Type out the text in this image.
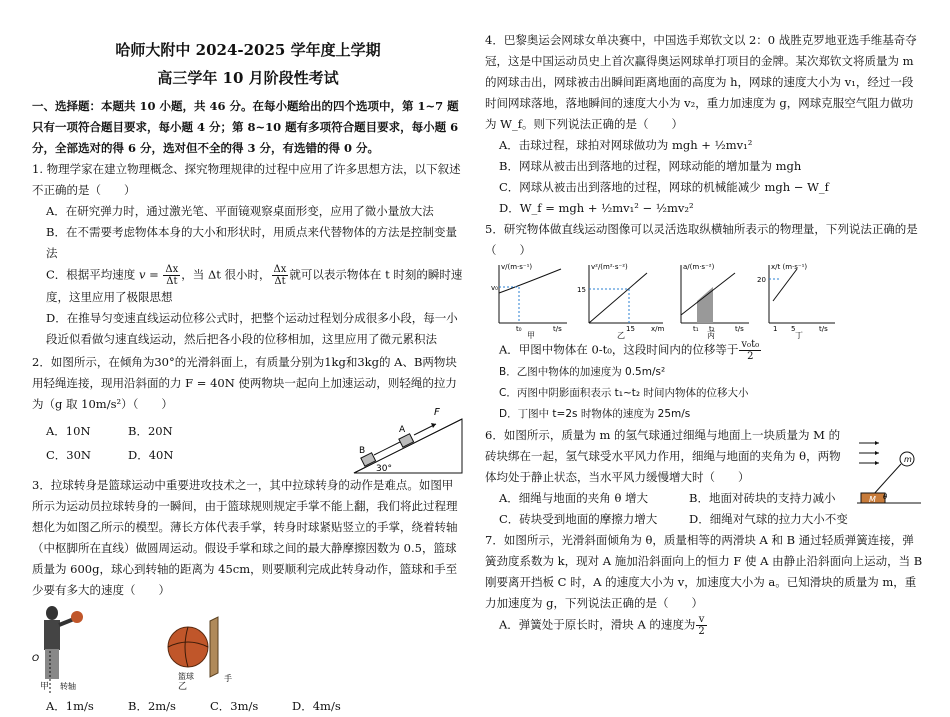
哈师大附中 2024-2025 学年度上学期

高三学年 10 月阶段性考试

一、选择题：本题共 10 小题，共 46 分。在每小题给出的四个选项中，第 1~7 题只有一项符合题目要求，每小题 4 分；第 8~10 题有多项符合题目要求，每小题 6 分，全部选对的得 6 分，选对但不全的得 3 分，有选错的得 0 分。

1. 物理学家在建立物理概念、探究物理规律的过程中应用了许多思想方法，以下叙述不正确的是（　　）

A．在研究弹力时，通过激光笔、平面镜观察桌面形变，应用了微小量放大法

B．在不需要考虑物体本身的大小和形状时，用质点来代替物体的方法是控制变量法

C．根据平均速度 $v = \frac{\Delta x}{\Delta t}$ ，当 Δt 很小时， $\frac{\Delta x}{\Delta t}$ 就可以表示物体在 t 时刻的瞬时速度，这里应用了极限思想

D．在推导匀变速直线运动位移公式时，把整个运动过程划分成很多小段，每一小段近似看做匀速直线运动，然后把各小段的位移相加，这里应用了微元累积法

2．如图所示，在倾角为30°的光滑斜面上，有质量分别为1kg和3kg的 A、B两物块用轻绳连接，现用沿斜面的力 F = 40N 使两物块一起向上加速运动，则轻绳的拉力为（g 取 10m/s²）（　　）

A．10N	B．20N
C．30N	D．40N	B
A
F
30°

3．拉球转身是篮球运动中重要进攻技术之一，其中拉球转身的动作是难点。如图甲所示为运动员拉球转身的一瞬间，由于篮球规则规定手掌不能上翻，我们将此过程理想化为如图乙所示的模型。薄长方体代表手掌，转身时球紧贴竖立的手掌，绕着转轴（中枢脚所在直线）做圆周运动。假设手掌和球之间的最大静摩擦因数为 0.5，篮球质量为 600g，球心到转轴的距离为 45cm，则要顺利完成此转身动作，篮球和手至少要有多大的速度（　　）

O
转轴
篮球	手
甲	乙
A．1m/s	B．2m/s	C．3m/s	D．4m/s

4．巴黎奥运会网球女单决赛中，中国选手郑钦文以 2：0 战胜克罗地亚选手维基奇夺冠，这是中国运动员史上首次赢得奥运网球单打项目的金牌。某次郑钦文将质量为 m 的网球击出，网球被击出瞬间距离地面的高度为 h，网球的速度大小为 v₁，经过一段时间网球落地，落地瞬间的速度大小为 v₂，重力加速度为 g，网球克服空气阻力做功为 W_f。则下列说法正确的是（　　）

A．击球过程，球拍对网球做功为 mgh + ½mv₁²

B．网球从被击出到落地的过程，网球动能的增加量为 mgh

C．网球从被击出到落地的过程，网球的机械能减少 mgh − W_f

D．W_f = mgh + ½mv₁² − ½mv₂²

5．研究物体做直线运动图像可以灵活选取纵横轴所表示的物理量，下列说法正确的是（　　）

v/(m·s⁻¹)
v₀
t₀	t/s
甲
v²/(m²·s⁻²)
15
15 x/m
乙
a/(m·s⁻²)
t₁ t₂	t/s
丙
x/t (m·s⁻¹)
20
1 5	t/s
丁

A．甲图中物体在 0-t₀，这段时间内的位移等于 $\frac{\text{v₀t₀}}{2}$

B．乙图中物体的加速度为 0.5m/s²

C．丙图中阴影面积表示 t₁~t₂ 时间内物体的位移大小

D．丁图中 t=2s 时物体的速度为 25m/s

6．如图所示，质量为 m 的氢气球通过细绳与地面上一块质量为 M 的砖块绑在一起，氢气球受水平风力作用，细绳与地面的夹角为 θ，两物体均处于静止状态，当水平风力缓慢增大时（　　）

A．细绳与地面的夹角 θ 增大	B．地面对砖块的支持力减小
C．砖块受到地面的摩擦力增大	D．细绳对气球的拉力大小不变
m
M θ

7．如图所示，光滑斜面倾角为 θ，质量相等的两滑块 A 和 B 通过轻质弹簧连接，弹簧劲度系数为 k，现对 A 施加沿斜面向上的恒力 F 使 A 由静止沿斜面向上运动，当 B 刚要离开挡板 C 时，A 的速度大小为 v，加速度大小为 a。已知滑块的质量为 m，重力加速度为 g，下列说法正确的是（　　）

A．弹簧处于原长时，滑块 A 的速度为 $\frac{v}{2}$
